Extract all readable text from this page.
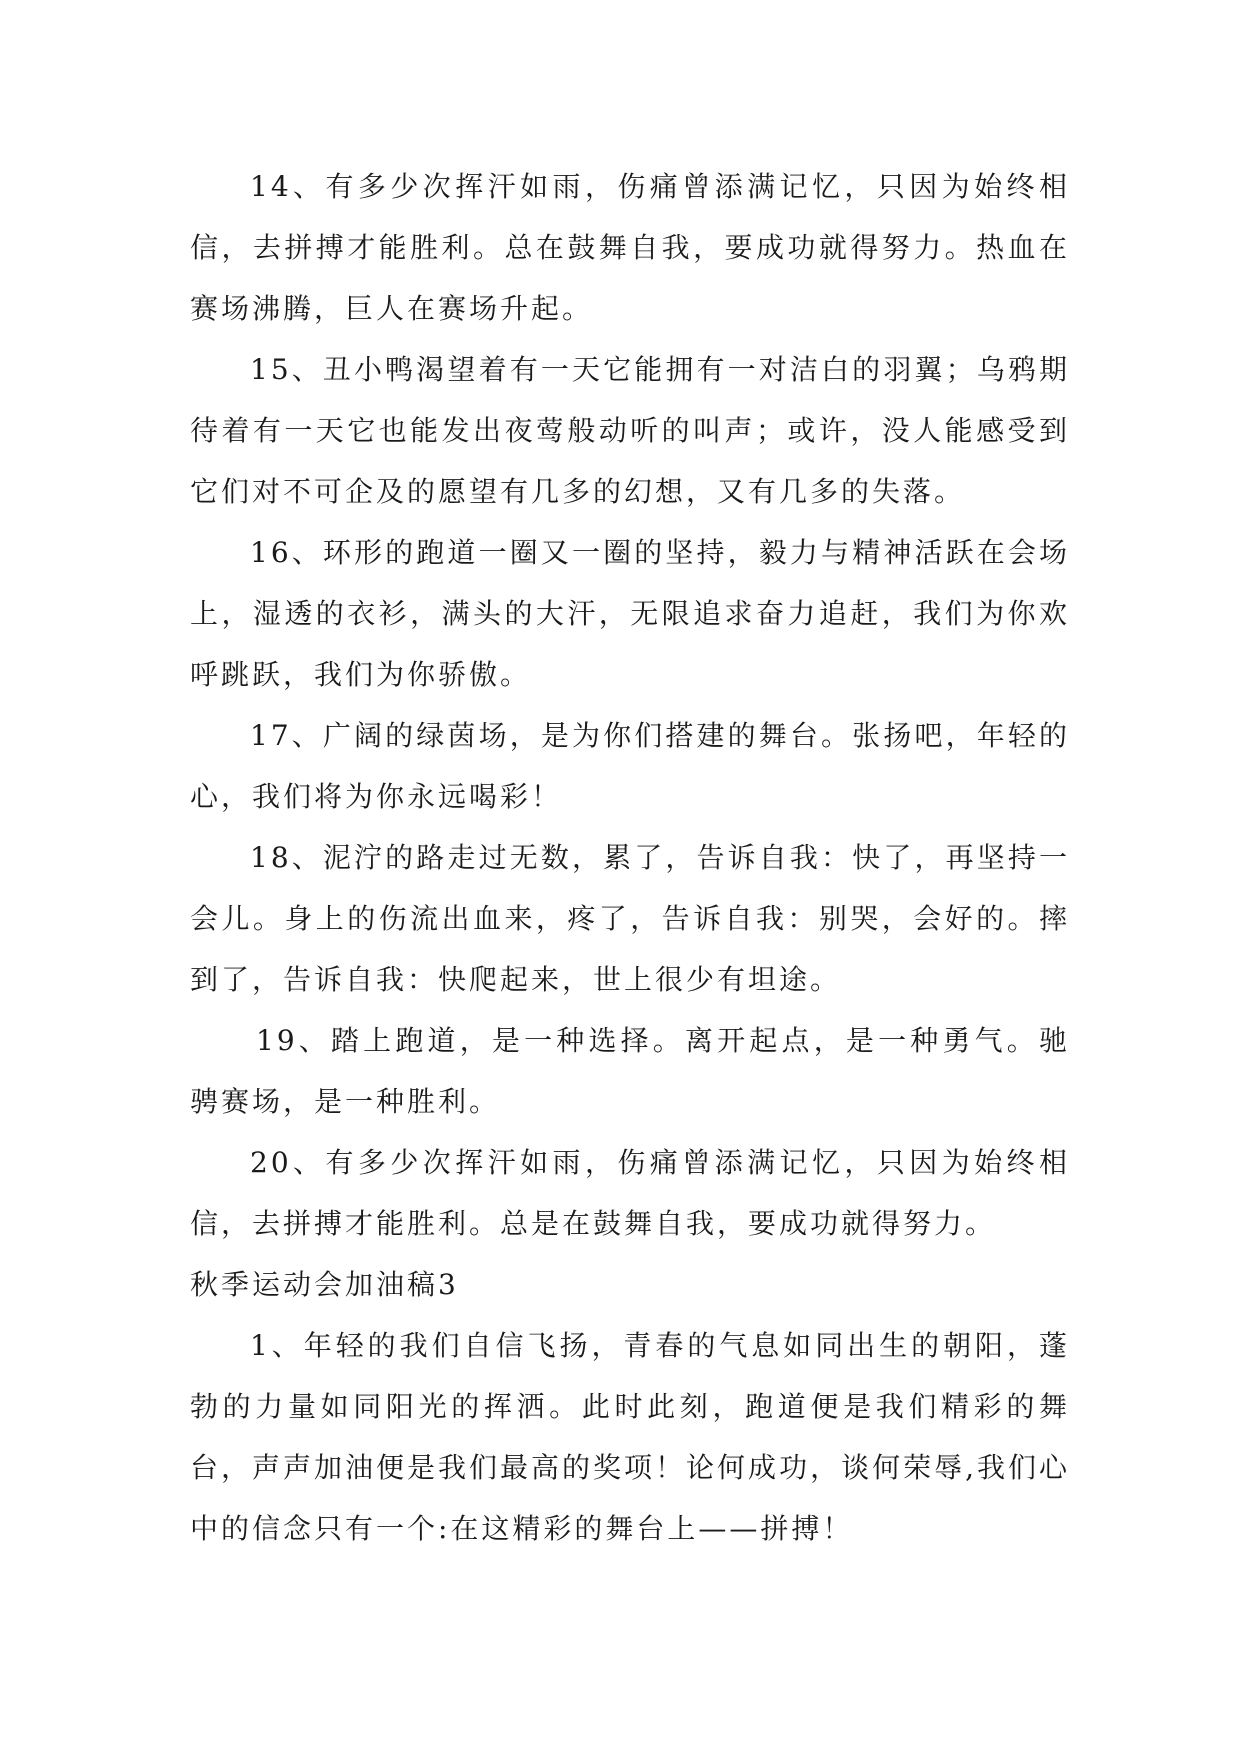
14、有多少次挥汗如雨，伤痛曾添满记忆，只因为始终相信，去拼搏才能胜利。总在鼓舞自我，要成功就得努力。热血在赛场沸腾，巨人在赛场升起。

15、丑小鸭渴望着有一天它能拥有一对洁白的羽翼；乌鸦期待着有一天它也能发出夜莺般动听的叫声；或许，没人能感受到它们对不可企及的愿望有几多的幻想，又有几多的失落。

16、环形的跑道一圈又一圈的坚持，毅力与精神活跃在会场上，湿透的衣衫，满头的大汗，无限追求奋力追赶，我们为你欢呼跳跃，我们为你骄傲。

17、广阔的绿茵场，是为你们搭建的舞台。张扬吧，年轻的心，我们将为你永远喝彩！

18、泥泞的路走过无数，累了，告诉自我：快了，再坚持一会儿。身上的伤流出血来，疼了，告诉自我：别哭，会好的。摔到了，告诉自我：快爬起来，世上很少有坦途。

19、踏上跑道，是一种选择。离开起点，是一种勇气。驰骋赛场，是一种胜利。

20、有多少次挥汗如雨，伤痛曾添满记忆，只因为始终相信，去拼搏才能胜利。总是在鼓舞自我，要成功就得努力。

秋季运动会加油稿3

1、年轻的我们自信飞扬，青春的气息如同出生的朝阳，蓬勃的力量如同阳光的挥洒。此时此刻，跑道便是我们精彩的舞台，声声加油便是我们最高的奖项！论何成功，谈何荣辱,我们心中的信念只有一个:在这精彩的舞台上——拼搏！
